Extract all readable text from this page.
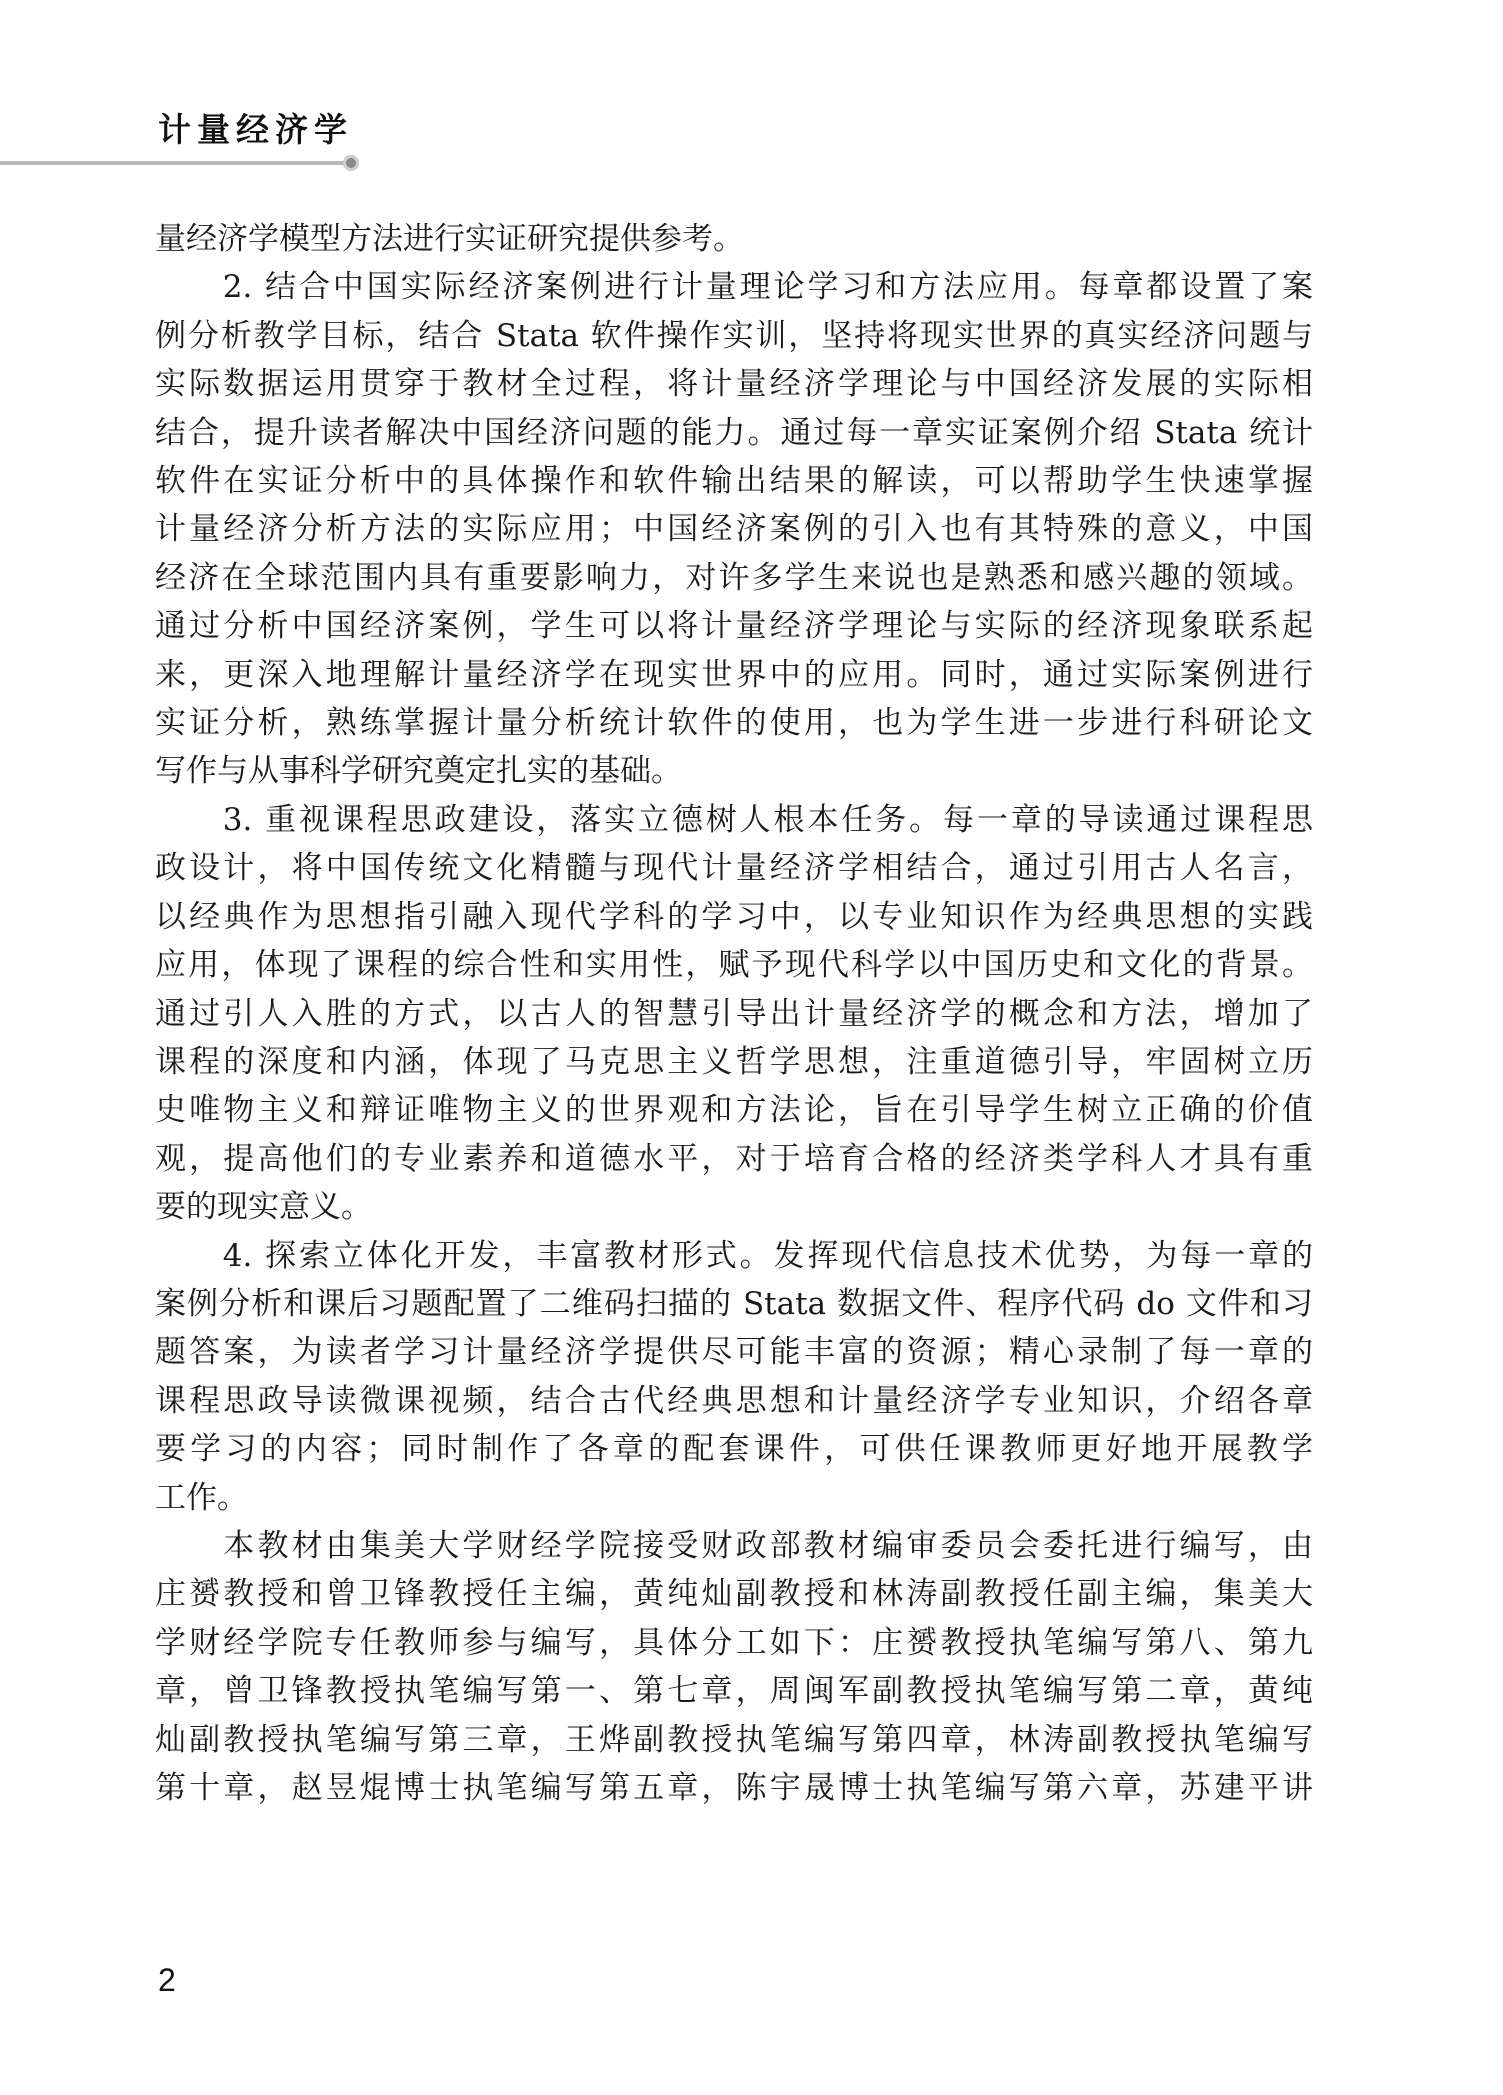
计量经济学
量经济学模型方法进行实证研究提供参考。
　　2. 结合中国实际经济案例进行计量理论学习和方法应用。每章都设置了案
例分析教学目标，结合 Stata 软件操作实训，坚持将现实世界的真实经济问题与
实际数据运用贯穿于教材全过程，将计量经济学理论与中国经济发展的实际相
结合，提升读者解决中国经济问题的能力。通过每一章实证案例介绍 Stata 统计
软件在实证分析中的具体操作和软件输出结果的解读，可以帮助学生快速掌握
计量经济分析方法的实际应用；中国经济案例的引入也有其特殊的意义，中国
经济在全球范围内具有重要影响力，对许多学生来说也是熟悉和感兴趣的领域。
通过分析中国经济案例，学生可以将计量经济学理论与实际的经济现象联系起
来，更深入地理解计量经济学在现实世界中的应用。同时，通过实际案例进行
实证分析，熟练掌握计量分析统计软件的使用，也为学生进一步进行科研论文
写作与从事科学研究奠定扎实的基础。
　　3. 重视课程思政建设，落实立德树人根本任务。每一章的导读通过课程思
政设计，将中国传统文化精髓与现代计量经济学相结合，通过引用古人名言，
以经典作为思想指引融入现代学科的学习中，以专业知识作为经典思想的实践
应用，体现了课程的综合性和实用性，赋予现代科学以中国历史和文化的背景。
通过引人入胜的方式，以古人的智慧引导出计量经济学的概念和方法，增加了
课程的深度和内涵，体现了马克思主义哲学思想，注重道德引导，牢固树立历
史唯物主义和辩证唯物主义的世界观和方法论，旨在引导学生树立正确的价值
观，提高他们的专业素养和道德水平，对于培育合格的经济类学科人才具有重
要的现实意义。
　　4. 探索立体化开发，丰富教材形式。发挥现代信息技术优势，为每一章的
案例分析和课后习题配置了二维码扫描的 Stata 数据文件、程序代码 do 文件和习
题答案，为读者学习计量经济学提供尽可能丰富的资源；精心录制了每一章的
课程思政导读微课视频，结合古代经典思想和计量经济学专业知识，介绍各章
要学习的内容；同时制作了各章的配套课件，可供任课教师更好地开展教学
工作。
　　本教材由集美大学财经学院接受财政部教材编审委员会委托进行编写，由
庄赟教授和曾卫锋教授任主编，黄纯灿副教授和林涛副教授任副主编，集美大
学财经学院专任教师参与编写，具体分工如下：庄赟教授执笔编写第八、第九
章，曾卫锋教授执笔编写第一、第七章，周闽军副教授执笔编写第二章，黄纯
灿副教授执笔编写第三章，王烨副教授执笔编写第四章，林涛副教授执笔编写
第十章，赵昱焜博士执笔编写第五章，陈宇晟博士执笔编写第六章，苏建平讲
2
